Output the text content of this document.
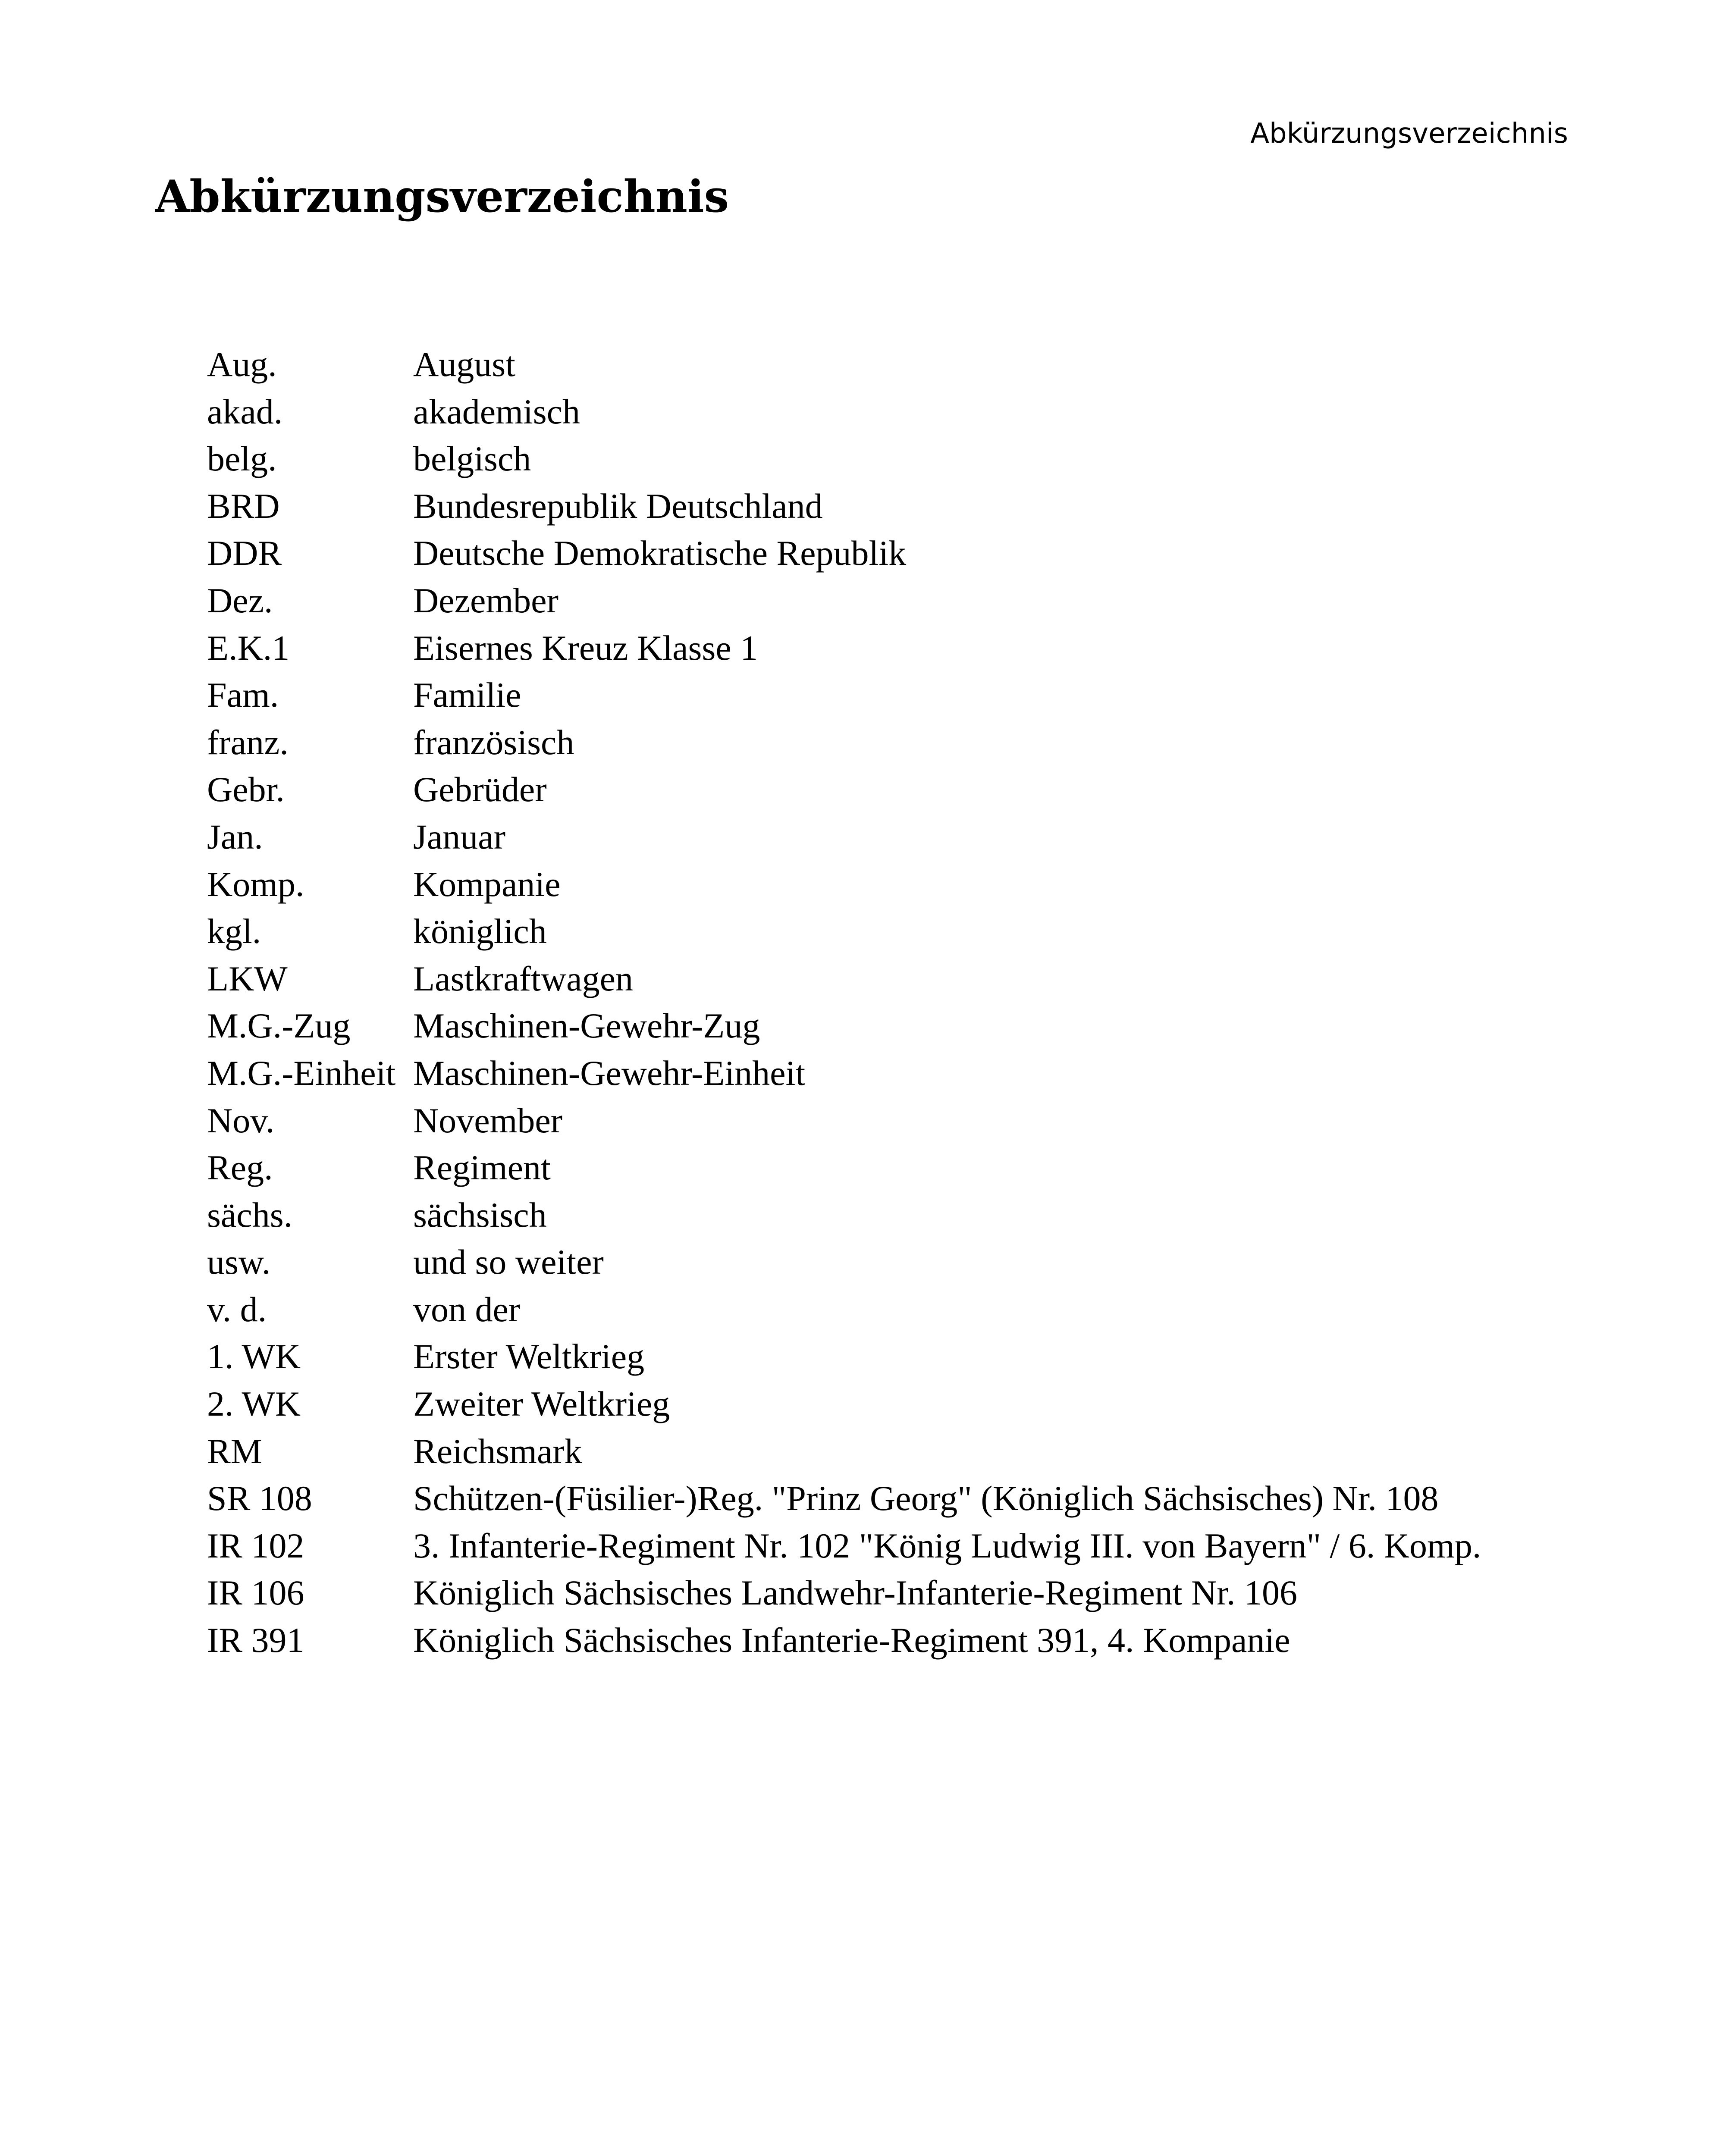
Abkürzungsverzeichnis
Abkürzungsverzeichnis
Aug.	August
akad.	akademisch
belg.	belgisch
BRD	Bundesrepublik Deutschland
DDR	Deutsche Demokratische Republik
Dez.	Dezember
E.K.1	Eisernes Kreuz Klasse 1
Fam.	Familie
franz.	französisch
Gebr.	Gebrüder
Jan.	Januar
Komp.	Kompanie
kgl.	königlich
LKW	Lastkraftwagen
M.G.-Zug	Maschinen-Gewehr-Zug
M.G.-Einheit Maschinen-Gewehr-Einheit
Nov.	November
Reg.	Regiment
sächs.	sächsisch
usw.	und so weiter
v. d.	von der
1. WK	Erster Weltkrieg
2. WK	Zweiter Weltkrieg
RM	Reichsmark
SR 108	Schützen-(Füsilier-)Reg. "Prinz Georg" (Königlich Sächsisches) Nr. 108
IR 102	3. Infanterie-Regiment Nr. 102 "König Ludwig III. von Bayern" / 6. Komp.
IR 106	Königlich Sächsisches Landwehr-Infanterie-Regiment Nr. 106
IR 391	Königlich Sächsisches Infanterie-Regiment 391, 4. Kompanie
